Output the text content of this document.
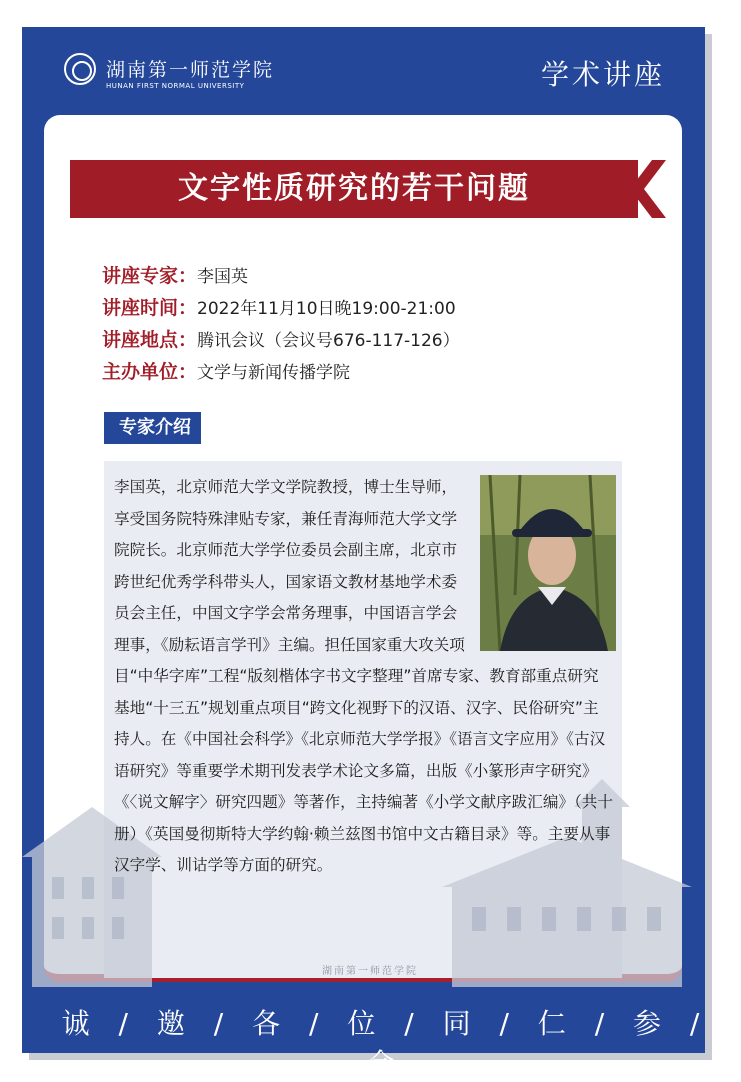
湖南第一师范学院
HUNAN FIRST NORMAL UNIVERSITY	学术讲座
文字性质研究的若干问题
讲座专家：李国英
讲座时间：2022年11月10日晚19:00-21:00
讲座地点：腾讯会议（会议号676-117-126）
主办单位：文学与新闻传播学院
专家介绍

李国英，北京师范大学文学院教授，博士生导师，享受国务院特殊津贴专家，兼任青海师范大学文学院院长。北京师范大学学位委员会副主席，北京市跨世纪优秀学科带头人，国家语文教材基地学术委员会主任，中国文字学会常务理事，中国语言学会理事，《励耘语言学刊》主编。担任国家重大攻关项目“中华字库”工程“版刻楷体字书文字整理”首席专家、教育部重点研究基地“十三五”规划重点项目“跨文化视野下的汉语、汉字、民俗研究”主持人。在《中国社会科学》《北京师范大学学报》《语言文字应用》《古汉语研究》等重要学术期刊发表学术论文多篇，出版《小篆形声字研究》《〈说文解字〉研究四题》等著作，主持编著《小学文献序跋汇编》（共十册）《英国曼彻斯特大学约翰·赖兰兹图书馆中文古籍目录》等。主要从事汉字学、训诂学等方面的研究。

湖南第一师范学院
诚 / 邀 / 各 / 位 / 同 / 仁 / 参 / 会
